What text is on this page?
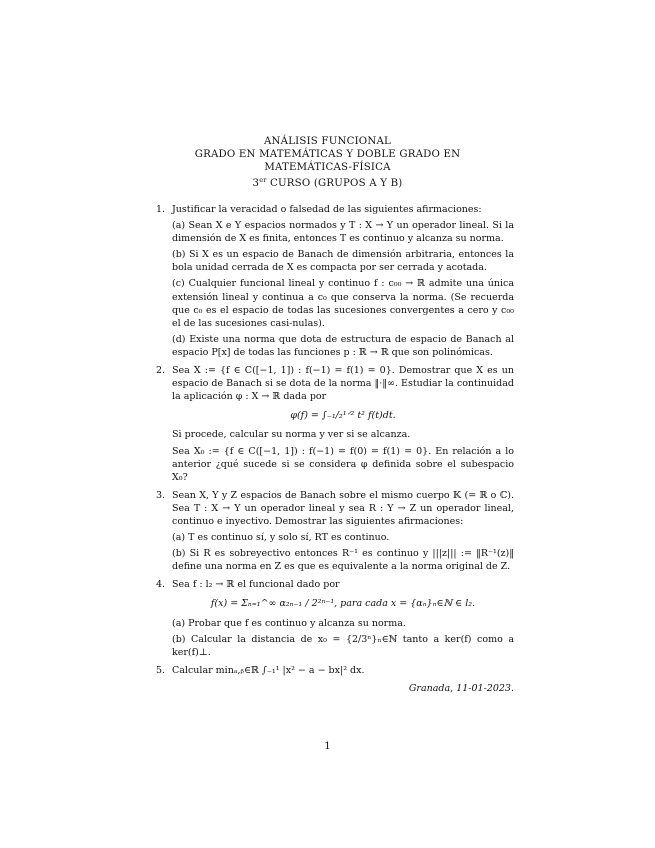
ANÁLISIS FUNCIONAL
GRADO EN MATEMÁTICAS Y DOBLE GRADO EN
MATEMÁTICAS-FÍSICA
3er CURSO (GRUPOS A Y B)
1. Justificar la veracidad o falsedad de las siguientes afirmaciones:

(a) Sean X e Y espacios normados y T : X → Y un operador lineal. Si la dimensión de X es finita, entonces T es continuo y alcanza su norma.

(b) Si X es un espacio de Banach de dimensión arbitraria, entonces la bola unidad cerrada de X es compacta por ser cerrada y acotada.

(c) Cualquier funcional lineal y continuo f : c₀₀ → ℝ admite una única extensión lineal y continua a c₀ que conserva la norma. (Se recuerda que c₀ es el espacio de todas las sucesiones convergentes a cero y c₀₀ el de las sucesiones casi-nulas).

(d) Existe una norma que dota de estructura de espacio de Banach al espacio P[x] de todas las funciones p : ℝ → ℝ que son polinómicas.

2. Sea X := {f ∈ C([−1, 1]) : f(−1) = f(1) = 0}. Demostrar que X es un espacio de Banach si se dota de la norma ‖·‖∞. Estudiar la continuidad la aplicación φ : X → ℝ dada por

φ(f) = ∫₋₁/₂¹ᐟ² t² f(t)dt.

Si procede, calcular su norma y ver si se alcanza.

Sea X₀ := {f ∈ C([−1, 1]) : f(−1) = f(0) = f(1) = 0}. En relación a lo anterior ¿qué sucede si se considera φ definida sobre el subespacio X₀?

3. Sean X, Y y Z espacios de Banach sobre el mismo cuerpo 𝕂 (= ℝ o ℂ). Sea T : X → Y un operador lineal y sea R : Y → Z un operador lineal, continuo e inyectivo. Demostrar las siguientes afirmaciones:

(a) T es continuo sí, y solo sí, RT es continuo.

(b) Si R es sobreyectivo entonces R⁻¹ es continuo y |||z||| := ‖R⁻¹(z)‖ define una norma en Z es que es equivalente a la norma original de Z.

4. Sea f : l₂ → ℝ el funcional dado por

f(x) = Σₙ₌₁^∞ α₂ₙ₋₁ / 2²ⁿ⁻¹, para cada x = {αₙ}ₙ∈ℕ ∈ l₂.

(a) Probar que f es continuo y alcanza su norma.

(b) Calcular la distancia de x₀ = {2/3ⁿ}ₙ∈ℕ tanto a ker(f) como a ker(f)⊥.

5. Calcular minₐ,ᵦ∈ℝ ∫₋₁¹ |x² − a − bx|² dx.

Granada, 11-01-2023.
1
